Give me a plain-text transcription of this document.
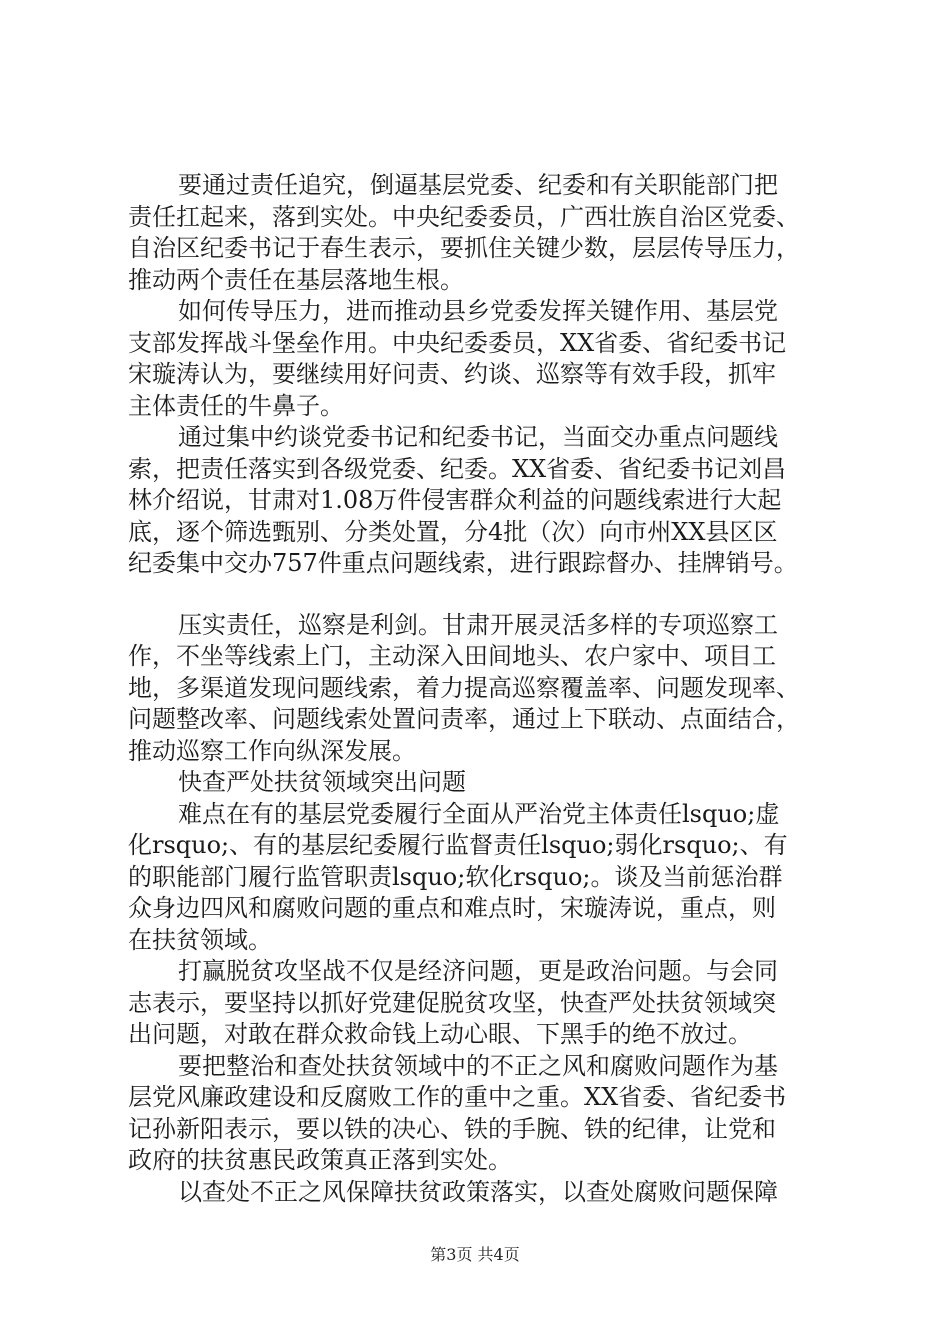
要通过责任追究，倒逼基层党委、纪委和有关职能部门把
责任扛起来，落到实处。中央纪委委员，广西壮族自治区党委、
自治区纪委书记于春生表示，要抓住关键少数，层层传导压力，
推动两个责任在基层落地生根。
如何传导压力，进而推动县乡党委发挥关键作用、基层党
支部发挥战斗堡垒作用。中央纪委委员，XX省委、省纪委书记
宋璇涛认为，要继续用好问责、约谈、巡察等有效手段，抓牢
主体责任的牛鼻子。
通过集中约谈党委书记和纪委书记，当面交办重点问题线
索，把责任落实到各级党委、纪委。XX省委、省纪委书记刘昌
林介绍说，甘肃对1.08万件侵害群众利益的问题线索进行大起
底，逐个筛选甄别、分类处置，分4批（次）向市州XX县区区
纪委集中交办757件重点问题线索，进行跟踪督办、挂牌销号。
压实责任，巡察是利剑。甘肃开展灵活多样的专项巡察工
作，不坐等线索上门，主动深入田间地头、农户家中、项目工
地，多渠道发现问题线索，着力提高巡察覆盖率、问题发现率、
问题整改率、问题线索处置问责率，通过上下联动、点面结合，
推动巡察工作向纵深发展。
快查严处扶贫领域突出问题
难点在有的基层党委履行全面从严治党主体责任lsquo;虚
化rsquo;、有的基层纪委履行监督责任lsquo;弱化rsquo;、有
的职能部门履行监管职责lsquo;软化rsquo;。谈及当前惩治群
众身边四风和腐败问题的重点和难点时，宋璇涛说，重点，则
在扶贫领域。
打赢脱贫攻坚战不仅是经济问题，更是政治问题。与会同
志表示，要坚持以抓好党建促脱贫攻坚，快查严处扶贫领域突
出问题，对敢在群众救命钱上动心眼、下黑手的绝不放过。
要把整治和查处扶贫领域中的不正之风和腐败问题作为基
层党风廉政建设和反腐败工作的重中之重。XX省委、省纪委书
记孙新阳表示，要以铁的决心、铁的手腕、铁的纪律，让党和
政府的扶贫惠民政策真正落到实处。
以查处不正之风保障扶贫政策落实，以查处腐败问题保障
第3页 共4页
